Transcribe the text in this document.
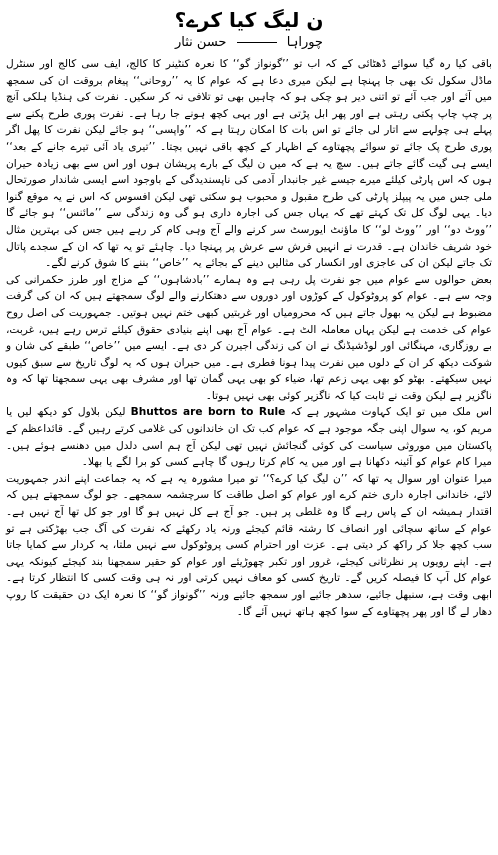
ن لیگ کیا کرے؟
چوراہا  حسن نثار

باقی کیا رہ گیا سوائے ڈھٹائی کے کہ اب تو ’’گونواز گو‘‘ کا نعرہ کنٹینر کا کالج، ایف سی کالج اور سنٹرل ماڈل سکول تک بھی جا پہنچا ہے لیکن میری دعا ہے کہ عوام کا یہ ’’روحانی‘‘ پیغام بروقت ان کی سمجھ میں آئے اور جب آئے تو اتنی دیر ہو چکی ہو کہ چاہیں بھی تو تلافی نہ کر سکیں۔ نفرت کی ہنڈیا ہلکی آنچ پر چپ چاپ پکتی رہتی ہے اور پھر ابل پڑتی ہے اور یہی کچھ ہونے جا رہا ہے۔ نفرت پوری طرح پکنے سے پہلے ہی چولہے سے اتار لی جائے تو اس بات کا امکان رہتا ہے کہ ’’واپسی‘‘ ہو جائے لیکن نفرت کا پھل اگر پوری طرح پک جائے تو سوائے پچھتاوے کے اظہار کے کچھ باقی نہیں بچتا۔ ’’تیری یاد آئی تیرے جانے کے بعد‘‘ ایسے ہی گیت گائے جاتے ہیں۔ سچ یہ ہے کہ میں ن لیگ کے بارے پریشان ہوں اور اس سے بھی زیادہ حیران ہوں کہ اس پارٹی کیلئے میرے جیسے غیر جانبدار آدمی کی ناپسندیدگی کے باوجود اسے ایسی شاندار صورتحال ملی جس میں یہ پیپلز پارٹی کی طرح مقبول و محبوب ہو سکتی تھی لیکن افسوس کہ اس نے یہ موقع گنوا دیا۔ یہی لوگ کل تک کہتے تھے کہ یہاں جس کی اجارہ داری ہو گی وہ زندگی سے ’’مائنس‘‘ ہو جائے گا ’’ووٹ دو‘‘ اور ’’ووٹ لو‘‘ کا ماؤنٹ ایورسٹ سر کرنے والے آج وہی کام کر رہے ہیں جس کی بہترین مثال خود شریف خاندان ہے۔ قدرت نے انہیں فرش سے عرش پر پہنچا دیا۔ چاہئے تو یہ تھا کہ ان کے سجدے پاتال تک جاتے لیکن ان کی عاجزی اور انکسار کی مثالیں دینے کے بجائے یہ ’’خاص‘‘ بننے کا شوق کرنے لگے۔

بعض حوالوں سے عوام میں جو نفرت پل رہی ہے وہ ہمارے ’’بادشاہوں‘‘ کے مزاج اور طرز حکمرانی کی وجہ سے ہے۔ عوام کو پروٹوکول کے کوڑوں اور دوروں سے دھتکارنے والے لوگ سمجھتے ہیں کہ ان کی گرفت مضبوط ہے لیکن یہ بھول جاتے ہیں کہ محرومیاں اور غربتیں کبھی ختم نہیں ہوتیں۔ جمہوریت کی اصل روح عوام کی خدمت ہے لیکن یہاں معاملہ الٹ ہے۔ عوام آج بھی اپنے بنیادی حقوق کیلئے ترس رہے ہیں، غربت، بے روزگاری، مہنگائی اور لوڈشیڈنگ نے ان کی زندگی اجیرن کر دی ہے۔ ایسے میں ’’خاص‘‘ طبقے کی شان و شوکت دیکھ کر ان کے دلوں میں نفرت پیدا ہونا فطری ہے۔ میں حیران ہوں کہ یہ لوگ تاریخ سے سبق کیوں نہیں سیکھتے۔ بھٹو کو بھی یہی زعم تھا، ضیاء کو بھی یہی گمان تھا اور مشرف بھی یہی سمجھتا تھا کہ وہ ناگزیر ہے لیکن وقت نے ثابت کیا کہ ناگزیر کوئی بھی نہیں ہوتا۔

اس ملک میں تو ایک کہاوت مشہور ہے کہ Bhuttos are born to Rule لیکن بلاول کو دیکھ لیں یا مریم کو، یہ سوال اپنی جگہ موجود ہے کہ عوام کب تک ان خاندانوں کی غلامی کرتے رہیں گے۔ قائداعظم کے پاکستان میں موروثی سیاست کی کوئی گنجائش نہیں تھی لیکن آج ہم اسی دلدل میں دھنسے ہوئے ہیں۔ میرا کام عوام کو آئینہ دکھانا ہے اور میں یہ کام کرتا رہوں گا چاہے کسی کو برا لگے یا بھلا۔

میرا عنوان اور سوال یہ تھا کہ ’’ن لیگ کیا کرے؟‘‘ تو میرا مشورہ یہ ہے کہ یہ جماعت اپنے اندر جمہوریت لائے، خاندانی اجارہ داری ختم کرے اور عوام کو اصل طاقت کا سرچشمہ سمجھے۔ جو لوگ سمجھتے ہیں کہ اقتدار ہمیشہ ان کے پاس رہے گا وہ غلطی پر ہیں۔ جو آج ہے کل نہیں ہو گا اور جو کل تھا آج نہیں ہے۔ عوام کے ساتھ سچائی اور انصاف کا رشتہ قائم کیجئے ورنہ یاد رکھئے کہ نفرت کی آگ جب بھڑکتی ہے تو سب کچھ جلا کر راکھ کر دیتی ہے۔ عزت اور احترام کسی پروٹوکول سے نہیں ملتا، یہ کردار سے کمایا جاتا ہے۔ اپنے رویوں پر نظرثانی کیجئے، غرور اور تکبر چھوڑیئے اور عوام کو حقیر سمجھنا بند کیجئے کیونکہ یہی عوام کل آپ کا فیصلہ کریں گے۔ تاریخ کسی کو معاف نہیں کرتی اور نہ ہی وقت کسی کا انتظار کرتا ہے۔ ابھی وقت ہے، سنبھل جائیے، سدھر جائیے اور سمجھ جائیے ورنہ ’’گونواز گو‘‘ کا نعرہ ایک دن حقیقت کا روپ دھار لے گا اور پھر پچھتاوے کے سوا کچھ ہاتھ نہیں آئے گا۔
